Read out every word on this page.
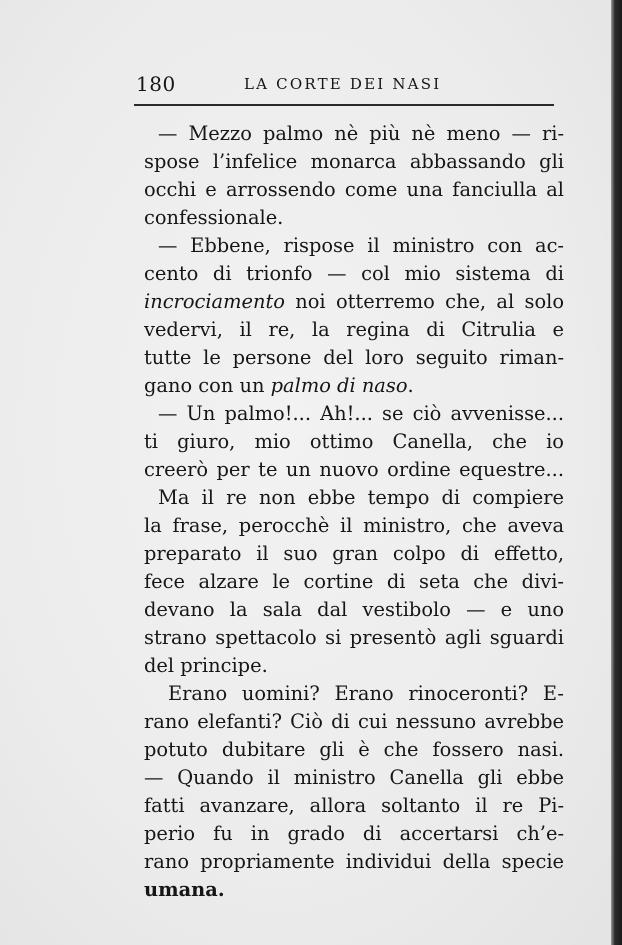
180	LA CORTE DEI NASI
— Mezzo palmo nè più nè meno — ri-
spose l’infelice monarca abbassando gli
occhi e arrossendo come una fanciulla al
confessionale.
— Ebbene, rispose il ministro con ac-
cento di trionfo — col mio sistema di
incrociamento noi otterremo che, al solo
vedervi, il re, la regina di Citrulia e
tutte le persone del loro seguito riman-
gano con un palmo di naso.
— Un palmo!... Ah!... se ciò avvenisse...
ti giuro, mio ottimo Canella, che io
creerò per te un nuovo ordine equestre...
Ma il re non ebbe tempo di compiere
la frase, perocchè il ministro, che aveva
preparato il suo gran colpo di effetto,
fece alzare le cortine di seta che divi-
devano la sala dal vestibolo — e uno
strano spettacolo si presentò agli sguardi
del principe.
Erano uomini? Erano rinoceronti? E-
rano elefanti? Ciò di cui nessuno avrebbe
potuto dubitare gli è che fossero nasi.
— Quando il ministro Canella gli ebbe
fatti avanzare, allora soltanto il re Pi-
perio fu in grado di accertarsi ch’e-
rano propriamente individui della specie
umana.
